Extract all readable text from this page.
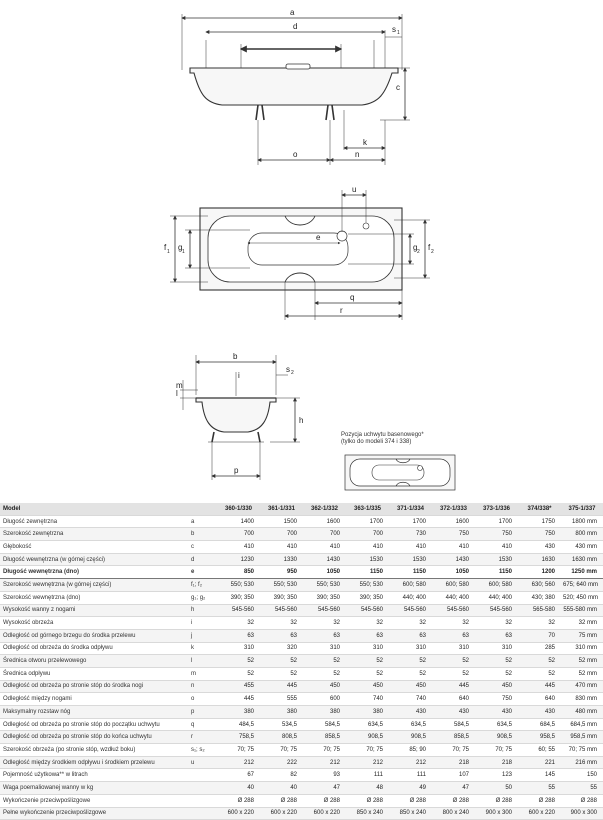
a
d	s 1
c
k
o	n
u
e
f 1 g 1	f 2
g 2
q
r
b
s 2
i
m
l
h
p
Pozycja uchwytu basenowego*
(tylko do modeli 374 i 338)
Model		360-1/330	361-1/331	362-1/332	363-1/335	371-1/334	372-1/333	373-1/336	374/338*	375-1/337
Długość zewnętrzna	a	1400	1500	1600	1700	1700	1600	1700	1750	1800 mm
Szerokość zewnętrzna	b	700	700	700	700	730	750	750	750	800 mm
Głębokość	c	410	410	410	410	410	410	410	430	430 mm
Długość wewnętrzna (w górnej części)	d	1230	1330	1430	1530	1530	1430	1530	1630	1630 mm
Długość wewnętrzna (dno)	e	850	950	1050	1150	1150	1050	1150	1200	1250 mm
Szerokość wewnętrzna (w górnej części)	f₁; f₂	550; 530	550; 530	550; 530	550; 530	600; 580	600; 580	600; 580	630; 560	675; 640 mm
Szerokość wewnętrzna (dno)	g₁; g₂	390; 350	390; 350	390; 350	390; 350	440; 400	440; 400	440; 400	430; 380	520; 450 mm
Wysokość wanny z nogami	h	545-560	545-560	545-560	545-560	545-560	545-560	545-560	565-580	555-580 mm
Wysokość obrzeża	i	32	32	32	32	32	32	32	32	32 mm
Odległość od górnego brzegu do środka przelewu	j	63	63	63	63	63	63	63	70	75 mm
Odległość od obrzeża do środka odpływu	k	310	320	310	310	310	310	310	285	310 mm
Średnica otworu przelewowego	l	52	52	52	52	52	52	52	52	52 mm
Średnica odpływu	m	52	52	52	52	52	52	52	52	52 mm
Odległość od obrzeża po stronie stóp do środka nogi	n	455	445	450	450	450	445	450	445	470 mm
Odległość między nogami	o	445	555	600	740	740	640	750	640	830 mm
Maksymalny rozstaw nóg	p	380	380	380	380	430	430	430	430	480 mm
Odległość od obrzeża po stronie stóp do początku uchwytu	q	484,5	534,5	584,5	634,5	634,5	584,5	634,5	684,5	684,5 mm
Odległość od obrzeża po stronie stóp do końca uchwytu	r	758,5	808,5	858,5	908,5	908,5	858,5	908,5	958,5	958,5 mm
Szerokość obrzeża (po stronie stóp, wzdłuż boku)	s₁; s₂	70; 75	70; 75	70; 75	70; 75	85; 90	70; 75	70; 75	60; 55	70; 75 mm
Odległość między środkiem odpływu i środkiem przelewu	u	212	222	212	212	212	218	218	221	216 mm
Pojemność użytkowa** w litrach		67	82	93	111	111	107	123	145	150
Waga poemaliowanej wanny w kg		40	40	47	48	49	47	50	55	55
Wykończenie przeciwpoślizgowe		Ø 288	Ø 288	Ø 288	Ø 288	Ø 288	Ø 288	Ø 288	Ø 288	Ø 288
Pełne wykończenie przeciwpoślizgowe		600 x 220	600 x 220	600 x 220	850 x 240	850 x 240	800 x 240	900 x 300	600 x 220	900 x 300
